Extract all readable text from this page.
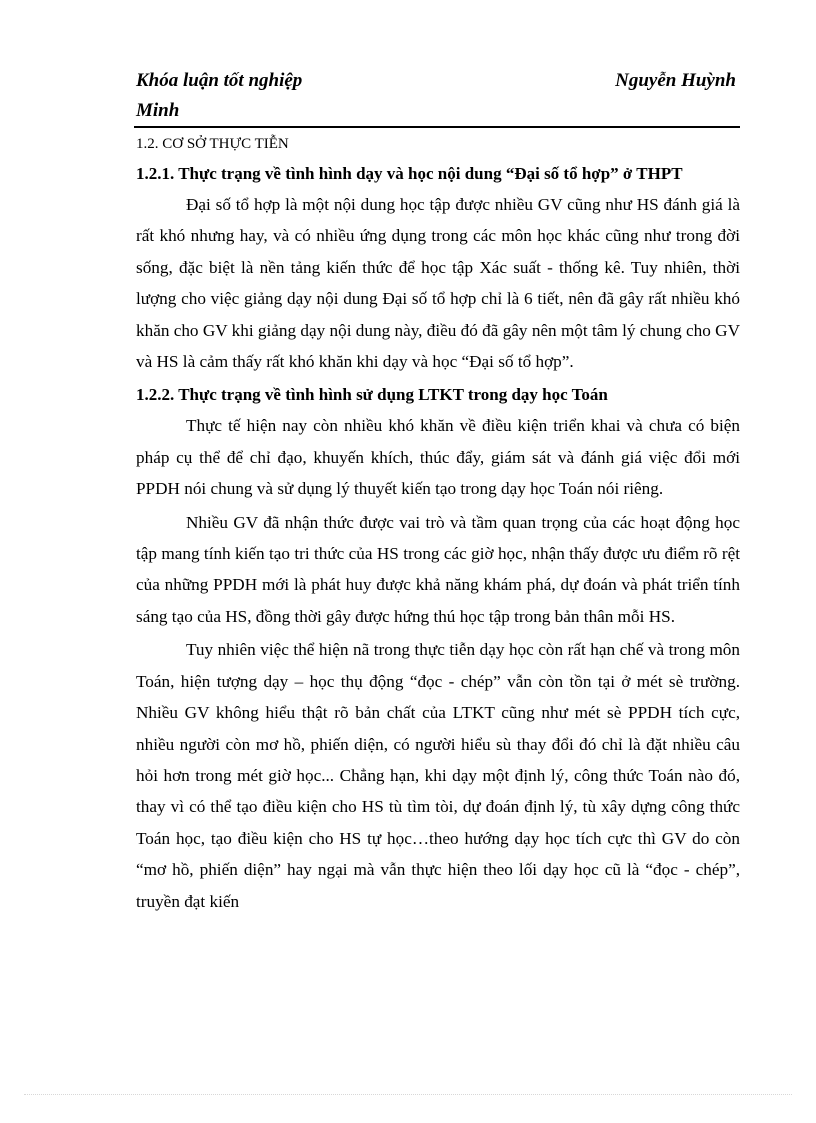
Khóa luận tốt nghiệp	Nguyễn Huỳnh
Minh
1.2. CƠ SỞ THỰC TIỄN
1.2.1. Thực trạng về tình hình dạy và học nội dung “Đại số tổ hợp” ở THPT

Đại số tổ hợp là một nội dung học tập được nhiều GV cũng như HS đánh giá là rất khó nhưng hay, và có nhiều ứng dụng trong các môn học khác cũng như trong đời sống, đặc biệt là nền tảng kiến thức để học tập Xác suất - thống kê. Tuy nhiên, thời lượng cho việc giảng dạy nội dung Đại số tổ hợp chỉ là 6 tiết, nên đã gây rất nhiều khó khăn cho GV khi giảng dạy nội dung này, điều đó đã gây nên một tâm lý chung cho GV và HS là cảm thấy rất khó khăn khi dạy và học “Đại số tổ hợp”.

1.2.2. Thực trạng về tình hình sử dụng LTKT trong dạy học Toán

Thực tế hiện nay còn nhiều khó khăn về điều kiện triển khai và chưa có biện pháp cụ thể để chỉ đạo, khuyến khích, thúc đẩy, giám sát và đánh giá việc đổi mới PPDH nói chung và sử dụng lý thuyết kiến tạo trong dạy học Toán nói riêng.

Nhiều GV đã nhận thức được vai trò và tầm quan trọng của các hoạt động học tập mang tính kiến tạo tri thức của HS trong các giờ học, nhận thấy được ưu điểm rõ rệt của những PPDH mới là phát huy được khả năng khám phá, dự đoán và phát triển tính sáng tạo của HS, đồng thời gây được hứng thú học tập trong bản thân mỗi HS.

Tuy nhiên việc thể hiện nã trong thực tiễn dạy học còn rất hạn chế và trong môn Toán, hiện tượng dạy – học thụ động “đọc - chép” vẫn còn tồn tại ở mét sè trường. Nhiều GV không hiểu thật rõ bản chất của LTKT cũng như mét sè PPDH tích cực, nhiều người còn mơ hồ, phiến diện, có người hiểu sù thay đổi đó chỉ là đặt nhiều câu hỏi hơn trong mét giờ học... Chẳng hạn, khi dạy một định lý, công thức Toán nào đó, thay vì có thể tạo điều kiện cho HS tù tìm tòi, dự đoán định lý, tù xây dựng công thức Toán học, tạo điều kiện cho HS tự học…theo hướng dạy học tích cực thì GV do còn “mơ hồ, phiến diện” hay ngại mà vẫn thực hiện theo lối dạy học cũ là “đọc - chép”, truyền đạt kiến
